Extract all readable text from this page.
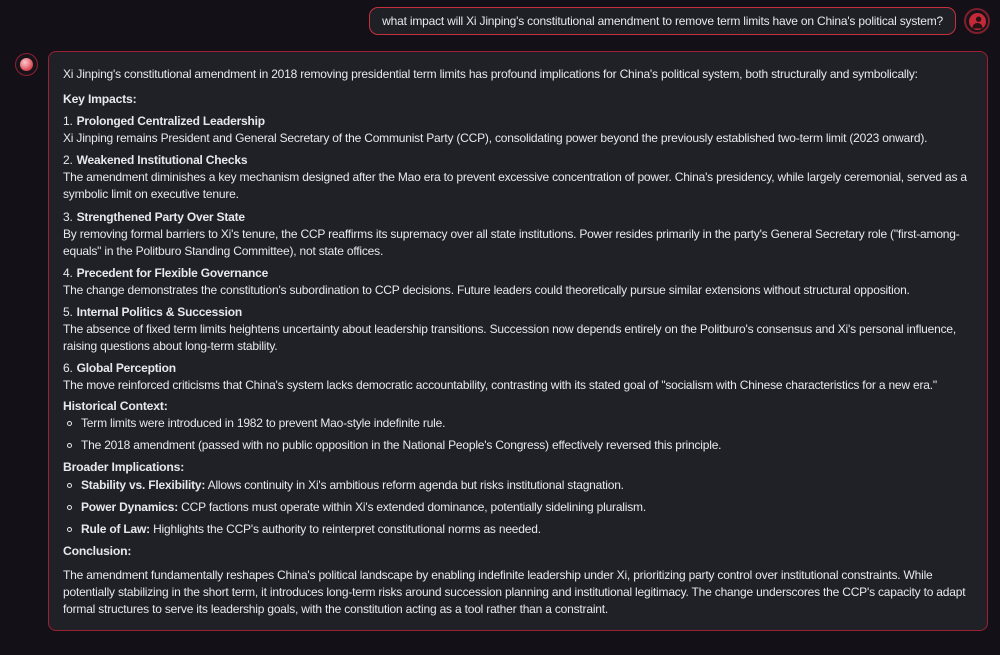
what impact will Xi Jinping's constitutional amendment to remove term limits have on China's political system?

Xi Jinping's constitutional amendment in 2018 removing presidential term limits has profound implications for China's political system, both structurally and symbolically:

Key Impacts:

1. Prolonged Centralized Leadership

Xi Jinping remains President and General Secretary of the Communist Party (CCP), consolidating power beyond the previously established two-term limit (2023 onward).

2. Weakened Institutional Checks

The amendment diminishes a key mechanism designed after the Mao era to prevent excessive concentration of power. China's presidency, while largely ceremonial, served as a symbolic limit on executive tenure.

3. Strengthened Party Over State

By removing formal barriers to Xi's tenure, the CCP reaffirms its supremacy over all state institutions. Power resides primarily in the party's General Secretary role ("first-among-equals" in the Politburo Standing Committee), not state offices.

4. Precedent for Flexible Governance

The change demonstrates the constitution's subordination to CCP decisions. Future leaders could theoretically pursue similar extensions without structural opposition.

5. Internal Politics & Succession

The absence of fixed term limits heightens uncertainty about leadership transitions. Succession now depends entirely on the Politburo's consensus and Xi's personal influence, raising questions about long-term stability.

6. Global Perception

The move reinforced criticisms that China's system lacks democratic accountability, contrasting with its stated goal of "socialism with Chinese characteristics for a new era."

Historical Context:

Term limits were introduced in 1982 to prevent Mao-style indefinite rule.
The 2018 amendment (passed with no public opposition in the National People's Congress) effectively reversed this principle.

Broader Implications:

Stability vs. Flexibility: Allows continuity in Xi's ambitious reform agenda but risks institutional stagnation.
Power Dynamics: CCP factions must operate within Xi's extended dominance, potentially sidelining pluralism.
Rule of Law: Highlights the CCP's authority to reinterpret constitutional norms as needed.

Conclusion:

The amendment fundamentally reshapes China's political landscape by enabling indefinite leadership under Xi, prioritizing party control over institutional constraints. While potentially stabilizing in the short term, it introduces long-term risks around succession planning and institutional legitimacy. The change underscores the CCP's capacity to adapt formal structures to serve its leadership goals, with the constitution acting as a tool rather than a constraint.
